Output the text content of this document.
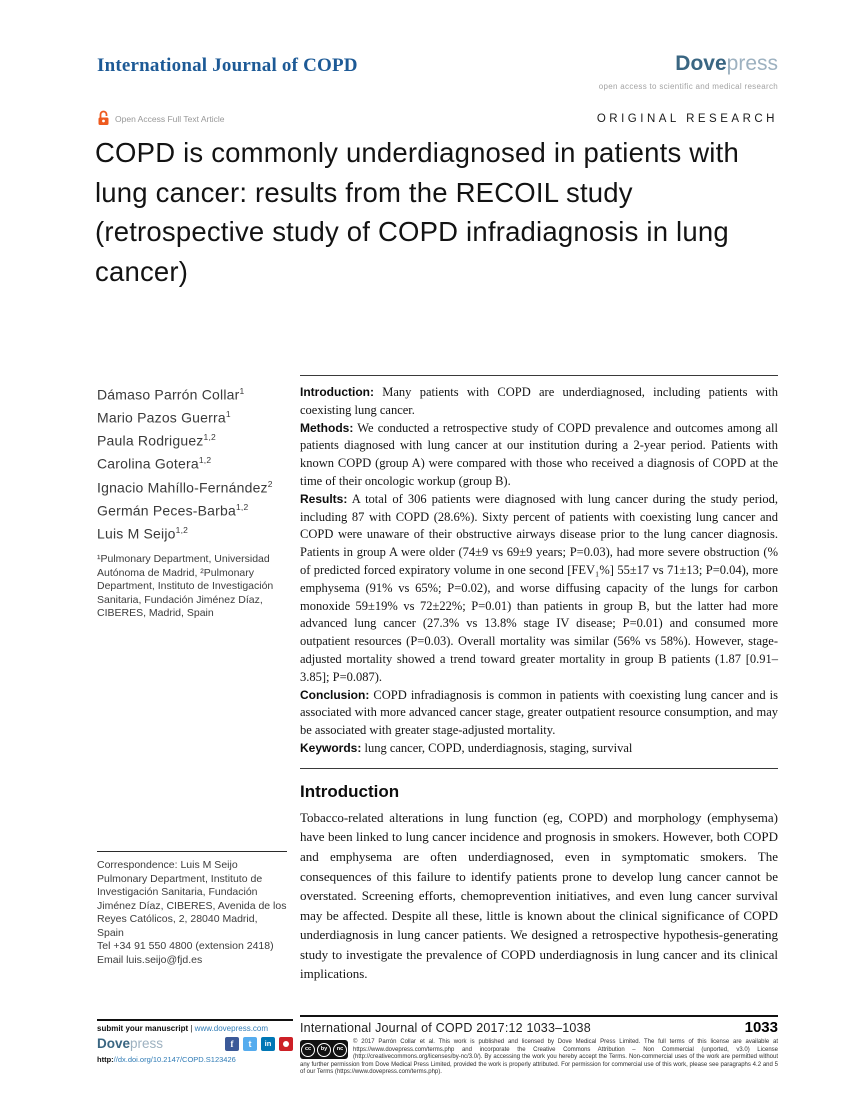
International Journal of COPD	Dovepress
open access to scientific and medical research
Open Access Full Text Article	ORIGINAL RESEARCH
COPD is commonly underdiagnosed in patients with lung cancer: results from the RECOIL study (retrospective study of COPD infradiagnosis in lung cancer)
Dámaso Parrón Collar$^1$
Mario Pazos Guerra$^1$
Paula Rodriguez$^{1,2}$
Carolina Gotera$^{1,2}$
Ignacio Mahíllo-Fernández$^2$
Germán Peces-Barba$^{1,2}$
Luis M Seijo$^{1,2}$
¹Pulmonary Department, Universidad Autónoma de Madrid, ²Pulmonary Department, Instituto de Investigación Sanitaria, Fundación Jiménez Díaz, CIBERES, Madrid, Spain
Correspondence: Luis M Seijo
Pulmonary Department, Instituto de Investigación Sanitaria, Fundación Jiménez Díaz, CIBERES, Avenida de los Reyes Católicos, 2, 28040 Madrid, Spain
Tel +34 91 550 4800 (extension 2418)
Email luis.seijo@fjd.es

Introduction: Many patients with COPD are underdiagnosed, including patients with coexisting lung cancer.

Methods: We conducted a retrospective study of COPD prevalence and outcomes among all patients diagnosed with lung cancer at our institution during a 2-year period. Patients with known COPD (group A) were compared with those who received a diagnosis of COPD at the time of their oncologic workup (group B).

Results: A total of 306 patients were diagnosed with lung cancer during the study period, including 87 with COPD (28.6%). Sixty percent of patients with coexisting lung cancer and COPD were unaware of their obstructive airways disease prior to the lung cancer diagnosis. Patients in group A were older (74±9 vs 69±9 years; P=0.03), had more severe obstruction (% of predicted forced expiratory volume in one second [FEV₁%] 55±17 vs 71±13; P=0.04), more emphysema (91% vs 65%; P=0.02), and worse diffusing capacity of the lungs for carbon monoxide 59±19% vs 72±22%; P=0.01) than patients in group B, but the latter had more advanced lung cancer (27.3% vs 13.8% stage IV disease; P=0.01) and consumed more outpatient resources (P=0.03). Overall mortality was similar (56% vs 58%). However, stage-adjusted mortality showed a trend toward greater mortality in group B patients (1.87 [0.91–3.85]; P=0.087).

Conclusion: COPD infradiagnosis is common in patients with coexisting lung cancer and is associated with more advanced cancer stage, greater outpatient resource consumption, and may be associated with greater stage-adjusted mortality.

Keywords: lung cancer, COPD, underdiagnosis, staging, survival

Introduction
Tobacco-related alterations in lung function (eg, COPD) and morphology (emphysema) have been linked to lung cancer incidence and prognosis in smokers. However, both COPD and emphysema are often underdiagnosed, even in symptomatic smokers. The consequences of this failure to identify patients prone to develop lung cancer cannot be overstated. Screening efforts, chemoprevention initiatives, and even lung cancer survival may be affected. Despite all these, little is known about the clinical significance of COPD underdiagnosis in lung cancer patients. We designed a retrospective hypothesis-generating study to investigate the prevalence of COPD underdiagnosis in lung cancer and its clinical implications.
submit your manuscript | www.dovepress.com
Dovepress	f	t	in
http://dx.doi.org/10.2147/COPD.S123426
International Journal of COPD 2017:12 1033–1038	1033
cc	by	nc
© 2017 Parrón Collar et al. This work is published and licensed by Dove Medical Press Limited. The full terms of this license are available at https://www.dovepress.com/terms.php and incorporate the Creative Commons Attribution – Non Commercial (unported, v3.0) License (http://creativecommons.org/licenses/by-nc/3.0/). By accessing the work you hereby accept the Terms. Non-commercial uses of the work are permitted without any further permission from Dove Medical Press Limited, provided the work is properly attributed. For permission for commercial use of this work, please see paragraphs 4.2 and 5 of our Terms (https://www.dovepress.com/terms.php).
